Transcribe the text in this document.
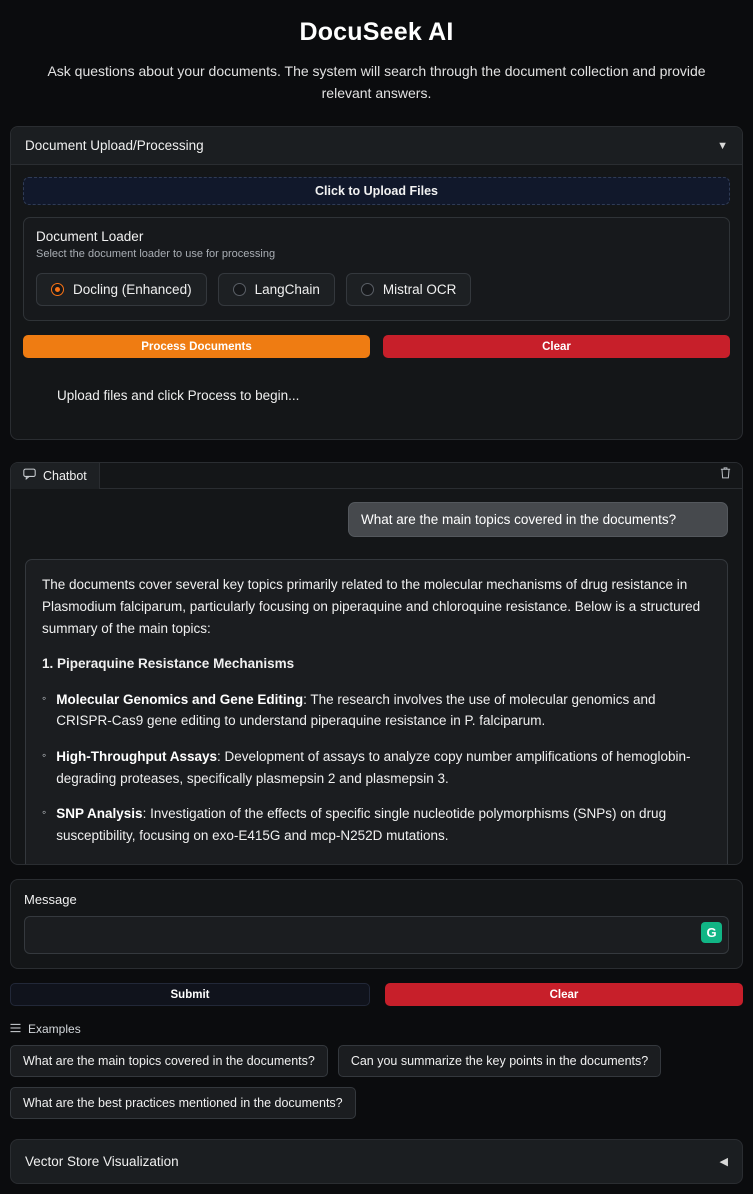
DocuSeek AI
Ask questions about your documents. The system will search through the document collection and provide relevant answers.
Document Upload/Processing	▼
Click to Upload Files
Document Loader
Select the document loader to use for processing
Docling (Enhanced)	LangChain	Mistral OCR
Process Documents	Clear
Upload files and click Process to begin...
Chatbot
What are the main topics covered in the documents?

The documents cover several key topics primarily related to the molecular mechanisms of drug resistance in Plasmodium falciparum, particularly focusing on piperaquine and chloroquine resistance. Below is a structured summary of the main topics:

1. Piperaquine Resistance Mechanisms

◦ Molecular Genomics and Gene Editing: The research involves the use of molecular genomics and CRISPR-Cas9 gene editing to understand piperaquine resistance in P. falciparum.
◦ High-Throughput Assays: Development of assays to analyze copy number amplifications of hemoglobin-degrading proteases, specifically plasmepsin 2 and plasmepsin 3.
◦ SNP Analysis: Investigation of the effects of specific single nucleotide polymorphisms (SNPs) on drug susceptibility, focusing on exo-E415G and mcp-N252D mutations.
Message
G
Submit	Clear
Examples
What are the main topics covered in the documents?	Can you summarize the key points in the documents?
What are the best practices mentioned in the documents?
Vector Store Visualization	◀
